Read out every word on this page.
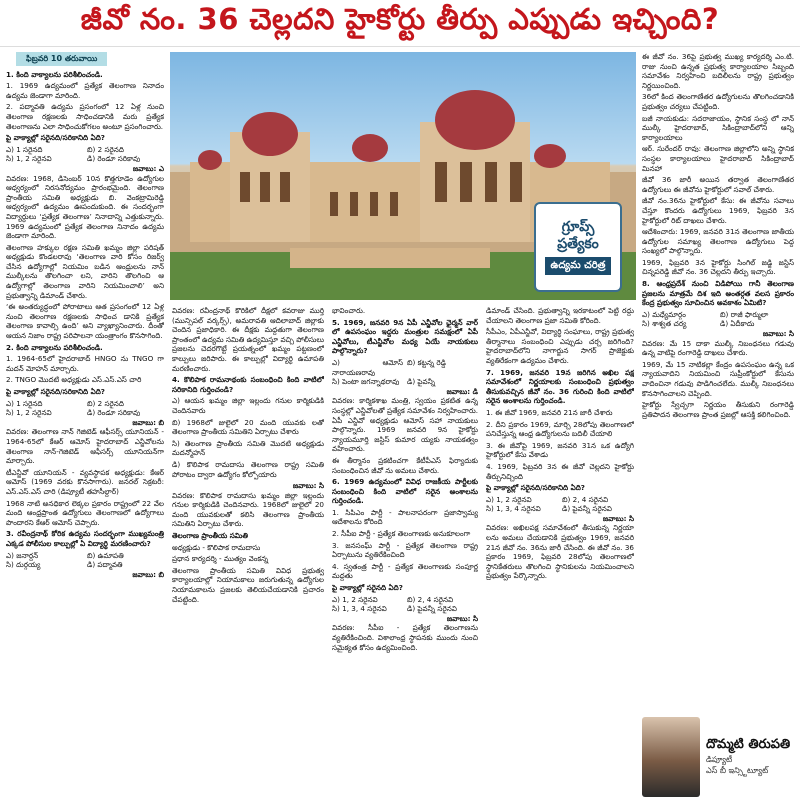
జీవో నం. 36 చెల్లదని హైకోర్టు తీర్పు ఎప్పుడు ఇచ్చింది?
ఫిబ్రవరి 10 తరువాయి
1. కింది వాక్యాలను పరిశీలించండి.
1. 1969 ఉద్యమంలో ప్రత్యేక తెలంగాణ నినాదం ఉద్యమ జెండాగా మారింది.
2. పద్మావతి ఉద్యమ ప్రసంగంలో 12 ఏళ్ల నుంచి తెలంగాణ రక్షణలకు సాధించడానికి మరు ప్రత్యేక తెలంగాణను ఎలా సాధించుకోగలం అంటూ ప్రసంగించారు.
పై వాక్యాల్లో సరైనది/సరికానిది ఏది?
ఎ) 1 సరైనది	బి) 2 సరైనది
సి) 1, 2 సరైనవి	డి) రెండూ సరికావు
జవాబు: ఎ
వివరణ: 1968, డిసెంబర్ 10న కొత్తగూడెం ఉద్యోగుల ఆధ్వర్యంలో నిరసనోద్యమం ప్రారంభమైంది. తెలంగాణ ప్రాంతీయ సమితి అధ్యక్షుడు బి. వెంకట్రామిరెడ్డి ఆధ్వర్యంలో ఉద్యమం ఊపందుకుంది. ఈ సందర్భంగా విద్యార్థులు ‘ప్రత్యేక తెలంగాణ’ నినాదాన్ని ఎత్తుకున్నారు. 1969 ఉద్యమంలో ప్రత్యేక తెలంగాణ నినాదం ఉద్యమ జెండాగా మారింది.
తెలంగాణ హక్కుల రక్షణ సమితి ఖమ్మం జిల్లా పరిషత్ అధ్యక్షుడు కొండలరావు ‘తెలంగాణ వారి కోసం రిజర్వ్ చేసిన ఉద్యోగాల్లో నియమిం బడిన ఆంధ్రులను నాన్ ముల్కీలను తొలగించా లని, వారిని తొలగించి ఆ ఉద్యోగాల్లో తెలంగాణ వారిని నియమించాలి’ అని ప్రభుత్వాన్ని డిమాండ్ చేశారు.
‘ఈ అంతర్యుద్ధంలో పోరాటాలు ఆత ప్రసంగంలో 12 ఏళ్ల నుంచి తెలంగాణ రక్షణలకు సాధించ డానికి ప్రత్యేక తెలంగాణ కావాల్సి ఉంది’ అని వ్యాఖ్యానించారు. దీంతో ఆయన నిజాం రాష్ట్ర పరిపాలనా యంత్రాంగం కొనసాగింది.
2. కింది వాక్యాలను పరిశీలించండి.
1. 1964-65లో హైదరాబాద్ HNGO ను TNGO గా మదన్ మోహన్ మార్చారు.
2. TNGO మొదటి అధ్యక్షుడు ఎస్.ఎస్.ఎస్ చారి
పై వాక్యాల్లో సరైనది/సరికానిది ఏది?
ఎ) 1 సరైనది	బి) 2 సరైనది
సి) 1, 2 సరైనవి	డి) రెండూ సరికావు
జవాబు: బి
వివరణ: తెలంగాణ నాన్ గెజిటెడ్ ఆఫీసర్స్ యూనియన్ - 1964-65లో కేఆర్ ఆమోస్ హైదరాబాద్ ఎన్జీవో‌లను తెలంగాణ నాన్-గెజిటెడ్ ఆఫీసర్స్ యూనియన్‌గా మార్చారు.
టీఎన్జీవో యూనియన్ - వ్యవస్థాపక అధ్యక్షుడు: కేఆర్ ఆమోస్ (1969 వరకు కొనసాగారు). జనరల్ సెక్రటరీ: ఎస్.ఎస్.ఎస్ చారి (డిప్యూటీ తహసీల్దార్)
1968 నాటి అనధికార లెక్కల ప్రకారం రాష్ట్రంలో 22 వేల మంది ఆంధ్రప్రాంత ఉద్యోగులు తెలంగాణలో ఉద్యోగాలు పొందారని కేఆర్ ఆమోస్ చెప్పారు.
3. రవీంద్రనాథ్ కోరిక ఉద్యమ సందర్భంగా ముఖ్యమంత్రి ఎక్కడ పోలీసుల కాల్పుల్లో ఏ విద్యార్థి మరణించారు?
ఎ) జనార్దన్	బి) ఉమాపతి
సి) దుర్గయ్య	డి) పద్మావతి
జవాబు: బి
గ్రూప్స్
ప్రత్యేకం
ఉద్యమ చరిత్ర
వివరణ: రవీంద్రనాథ్ కొరికిలో దీక్షలో కవరాజు ముర్తి (మున్సిపల్ వర్కర్స్), అమరావతి ఆదిలాబాద్ జిల్లాకు చెందిన ప్రజాధికారి. ఈ దీక్షకు మద్దతుగా తెలంగాణ ప్రాంతంలో ఉద్యమ సమితి ఉద్యమిస్తూ వచ్చి పోలీసులు ప్రజలను చెదరగొట్టే ప్రయత్నంలో ఖమ్మం పట్టణంలో కాల్పులు జరిపారు. ఈ కాల్పుల్లో విద్యార్థి ఉమాపతి మరణించారు.
4. కొలిపాక రామనాథంకు సంబంధించి కింది వాటిలో సరికానిది గుర్తించండి?
ఎ) ఆయన ఖమ్మం జిల్లా ఇల్లందు గనుల కార్మికుడికి చెందినవారు
బి) 1968లో జులైలో 20 మంది యువకు లతో తెలంగాణ ప్రాంతీయ సమితిని ఏర్పాటు చేశారు
సి) తెలంగాణ ప్రాంతీయ సమితి మొదటి అధ్యక్షుడు మదన్మోహన్
డి) కొలిపాక రామదాసు తెలంగాణ రాష్ట్ర సమితి పోరాటం ద్వారా ఉద్యోగం కోల్పోయారు
జవాబు: సి
వివరణ: కొలిపాక రామదాసు ఖమ్మం జిల్లా ఇల్లందు గనుల కార్మికుడికి చెందినవారు. 1968లో జులైలో 20 మంది యువకులతో కలిసి తెలంగాణ ప్రాంతీయ సమితిని ఏర్పాటు చేశారు.
తెలంగాణ ప్రాంతీయ సమితి
అధ్యక్షుడు - కొలిపాక రామదాసు
ప్రధాన కార్యదర్శి - ముత్యం వెంకన్న
తెలంగాణ ప్రాంతీయ సమితి వివిధ ప్రభుత్వ కార్యాలయాల్లో నియామకాలు జరుగుతున్న ఉద్యోగుల నియామకాలను ప్రజలకు తెలియచేయడానికి ప్రచారం చేపట్టింది.
భావించారు.
5. 1969, జనవరి 9న ఏపీ ఎన్జీవోల ఛైర్మన్ వార్ లో ఉపసంఘం ఇద్దరు మంత్రుల సమక్షంలో ఏపీ ఎన్జీవో‌లు, టీఎన్జీవో‌ల మధ్య ఏయే నాయకులు పాల్గొన్నారు?
ఎ) ఆమోస్ నారాయణరావు
బి) కట్టన్న రెడ్డి
సి) పెంటా జగన్నాథరావు	డి) పైవన్నీ
జవాబు: డి
వివరణ: కార్మికశాఖ మంత్రి, స్వయం ప్రకటిత ఉన్న సంస్థల్లో ఎన్జీవో‌లతో ప్రత్యేక సమావేశం నిర్వహించారు. ఏపీ ఎన్జీవో అధ్యక్షుడు ఆమోస్ సహా నాయకులు పాల్గొన్నారు. 1969 జనవరి 9న హైకోర్టు న్యాయమూర్తి జస్టిస్ కుమార య్యకు నాయకత్వం వహించారు.
ఈ తీర్మానం ప్రకటించగా కేటీపీఎస్ ఫిర్యాదుకు సంబంధించిన జీవో ను అమలు చేశారు.
6. 1969 ఉద్యమంలో వివిధ రాజకీయ పార్టీలకు సంబంధించి కింది వాటిలో సరైన అంశాలను గుర్తించండి.
1. సిపిఎం పార్టీ - పాలనాపరంగా ప్రజాస్వామ్య ఆదేశాలను కోరింది
2. సీపీఐ పార్టీ - ప్రత్యేక తెలంగాణకు అనుకూలంగా
3. జనసంఘ్ పార్టీ - ప్రత్యేక తెలంగాణ రాష్ట్ర ఏర్పాటును వ్యతిరేకించింది
4. స్వతంత్ర పార్టీ - ప్రత్యేక తెలంగాణకు సంపూర్ణ మద్దతు
పై వాక్యాల్లో సరైనది ఏది?
ఎ) 1, 2 సరైనవి	బి) 2, 4 సరైనవి
సి) 1, 3, 4 సరైనవి	డి) పైవన్నీ సరైనవి
జవాబు: సి
వివరణ: సీపీఐ - ప్రత్యేక తెలంగాణను వ్యతిరేకించింది. విశాలాంధ్ర స్థాపనకు ముందు నుంచి సమైక్యత కోసం ఉద్యమించింది.
డిమాండ్ చేసింది. ప్రభుత్వాన్ని ఇరకాటంలో పెట్టి రద్దు చేయాలని తెలంగాణ ప్రజా సమితి కోరింది.
సీపీఎం, ఏపీఎన్జీవో, విద్యార్థి సంఘాలు, రాష్ట్ర ప్రభుత్వ తీర్మానాలు సంబంధించి ఎప్పుడు చర్చ జరిగింది? హైదరాబాద్‌లోని నాగార్జున సాగర్ ప్రాజెక్టుకు వ్యతిరేకంగా ఉద్యమం చేశారు.
7. 1969, జనవరి 19న జరిగిన అఖిల పక్ష సమావేశంలో నిర్ణయాలకు సంబంధించి ప్రభుత్వం తీసుకువచ్చిన జీవో నం. 36 గురించి కింది వాటిలో సరైన అంశాలను గుర్తించండి.
1. ఈ జీవో 1969, జనవరి 21న జారీ చేశారు
2. దీని ప్రకారం 1969, మార్చి 28లోపు తెలంగాణలో పనిచేస్తున్న ఆంధ్ర ఉద్యోగులను బదిలీ చేయాలి
3. ఈ జీవోపై 1969, జనవరి 31న ఒక ఉద్యోగి హైకోర్టులో కేసు వేశాడు
4. 1969, ఫిబ్రవరి 3న ఈ జీవో చెల్లదని హైకోర్టు తీర్పునిచ్చింది
పై వాక్యాల్లో సరైనది/సరికానిది ఏది?
ఎ) 1, 2 సరైనవి	బి) 2, 4 సరైనవి
సి) 1, 3, 4 సరైనవి	డి) పైవన్నీ సరైనవి
జవాబు: సి
వివరణ: అఖిలపక్ష సమావేశంలో తీసుకున్న నిర్ణయా లను అమలు చేయడానికి ప్రభుత్వం 1969, జనవరి 21న జీవో నం. 36ను జారీ చేసింది. ఈ జీవో నం. 36 ప్రకారం 1969, ఫిబ్రవరి 28లోపు తెలంగాణలో స్థానికేతరులు తొలగించి స్థానికులను నియమించాలని ప్రభుత్వం పేర్కొన్నారు.
ఈ జీవో నం. 36పై ప్రభుత్వ ముఖ్య కార్యదర్శి ఎం.టి. రాజు నుంచి ఉన్నత ప్రభుత్వ కార్యాలయాల సిబ్బంది సమావేశం నిర్వహించి బదిలీలను రాష్ట్ర ప్రభుత్వం నిర్ణయించింది.
36లో కింద తెలంగాణేతర ఉద్యోగులను తొలగించడానికి ప్రభుత్వం చర్యలు చేపట్టింది.
బజీ నాయకుడు: సదరాజాయం, స్థానిక సంస్థ లో నాన్ ముల్కీ హైదరాబాద్, సికింద్రాబాద్‌లోని ఆన్ని కార్యాలయాలు
ఆర్. సురేందర్ రావు: తెలంగాణ జిల్లాలోని అన్ని స్థానిక సంస్థల కార్యాలయాలు హైదరాబాద్ సికింద్రాబాద్ మినహా
జీవో 36 జారీ అయిన తర్వాత తెలంగాణేతర ఉద్యోగులు ఈ జీవోను హైకోర్టులో సవాల్ చేశారు.
జీవో నం.36ను హైకోర్టులో కేసు: ఈ జీవోను సవాలు చేస్తూ కొందరు ఉద్యోగులు 1969, ఫిబ్రవరి 3న హైకోర్టులో రిట్ దాఖలు చేశారు.
ఆదేశించారు: 1969, జనవరి 31న తెలంగాణ జాతీయ ఉద్యోగుల సమాఖ్య తెలంగాణ ఉద్యోగులు పెద్ద సంఖ్యలో పాల్గొన్నారు.
1969, ఫిబ్రవరి 3న హైకోర్టు సింగిల్ జడ్జి జస్టిస్ చిన్నపరెడ్డి జీవో నం. 36 చెల్లదని తీర్పు ఇచ్చారు.
8. ఆంధ్రప్రదేశ్ నుంచి విడిపోయి గానీ తెలంగాణ ప్రజలను మాత్రమే దిశ ఇది అంతర్గత వలస ప్రకారం కేంద్ర ప్రభుత్వం సూచించిన అవకాశం ఏమిటి?
ఎ) మధ్యేమార్గం	బి) రాజీ ఫార్ములా
సి) శాశ్వత చర్య	డి) ఏదీకాదు
జవాబు: సి
వివరణ: మే 15 దాకా ముల్కీ నిబంధనలు గడువు ఉన్న వాటిపై రంగారెడ్డి దాఖలు చేశారు.
1969, మే 15 నాటికల్లా కేంద్రం ఉపసంఘం ఉన్న ఒక న్యాయవాదిని నియమించి సుప్రీంకోర్టులో కేసును వాదించినా గడువు పొడిగించలేదు. ముల్కీ నిబంధనలు కొనసాగించాలని చెప్పింది.
హైకోర్టు స్వేచ్ఛగా నిర్ణయం తీసుకుని రంగారెడ్డి ప్రతిపాదన తెలంగాణ ప్రాంత ప్రజల్లో ఆసక్తి కలిగించింది.
దొమ్మటి తిరుపతి
డిప్యూటీ
ఎస్ బీ ఇన్స్టిట్యూట్
